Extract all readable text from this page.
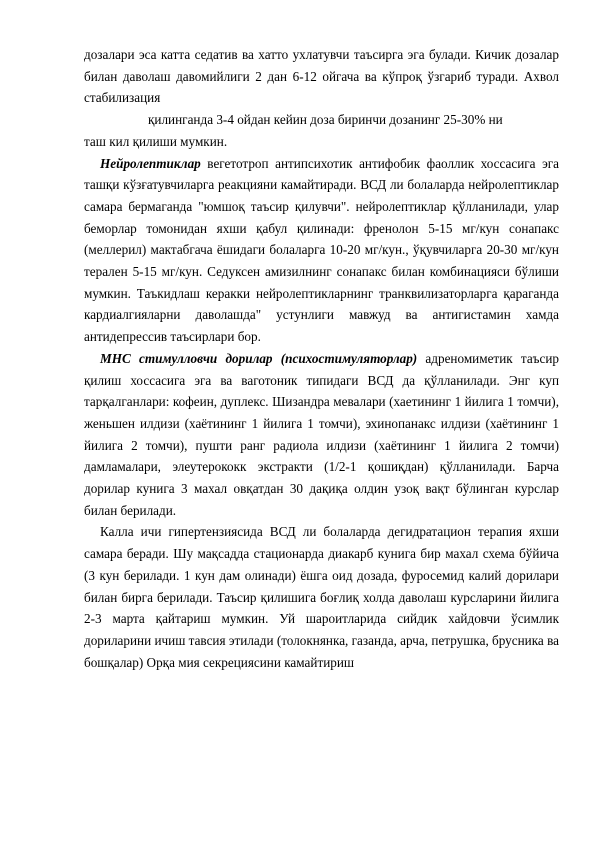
дозалари эса катта седатив ва хатто ухлатувчи таъсирга эга булади. Кичик дозалар билан даволаш давомийлиги 2 дан 6-12 ойгача ва кўпроқ ўзгариб туради. Ахвол стабилизация

қилинганда 3-4 ойдан кейин доза биринчи дозанинг 25-30% ни

таш кил қилиши мумкин.

Нейролептиклар вегетотроп антипсихотик антифобик фаоллик хоссасига эга ташқи кўзғатувчиларга реакцияни камайтиради. ВСД ли болаларда нейролептиклар самара бермаганда "юмшоқ таъсир қилувчи". нейролептиклар қўлланилади, улар беморлар томонидан яхши қабул қилинади: френолон 5-15 мг/кун сонапакс (меллерил) мактабгача ёшидаги болаларга 10-20 мг/кун., ўқувчиларга 20-30 мг/кун терален 5-15 мг/кун. Седуксен амизилнинг сонапакс билан комбинацияси бўлиши мумкин. Таъкидлаш керакки нейролептикларнинг транквилизаторларга қараганда кардиалгияларни даволашда" устунлиги мавжуд ва антигистамин хамда антидепрессив таъсирлари бор.

МНС стимулловчи дорилар (психостимуляторлар) адреномиметик таъсир қилиш хоссасига эга ва ваготоник типидаги ВСД да қўлланилади. Энг куп тарқалганлари: кофеин, дуплекс. Шизандра мевалари (хаетининг 1 йилига 1 томчи), женьшен илдизи (хаётининг 1 йилига 1 томчи), эхинопанакс илдизи (хаётининг 1 йилига 2 томчи), пушти ранг радиола илдизи (хаётининг 1 йилига 2 томчи) дамламалари, элеутерококк экстракти (1/2-1 қошиқдан) қўлланилади. Барча дорилар кунига 3 махал овқатдан 30 дақиқа олдин узоқ вақт бўлинган курслар билан берилади.

Калла ичи гипертензиясида ВСД ли болаларда дегидратацион терапия яхши самара беради. Шу мақсадда стационарда диакарб кунига бир махал схема бўйича (3 кун берилади. 1 кун дам олинади) ёшга оид дозада, фуросемид калий дорилари билан бирга берилади. Таъсир қилишига боғлиқ холда даволаш курсларини йилига 2-3 марта қайтариш мумкин. Уй шароитларида сийдик хайдовчи ўсимлик дориларини ичиш тавсия этилади (толокнянка, газанда, арча, петрушка, брусника ва бошқалар) Орқа мия секрециясини камайтириш
